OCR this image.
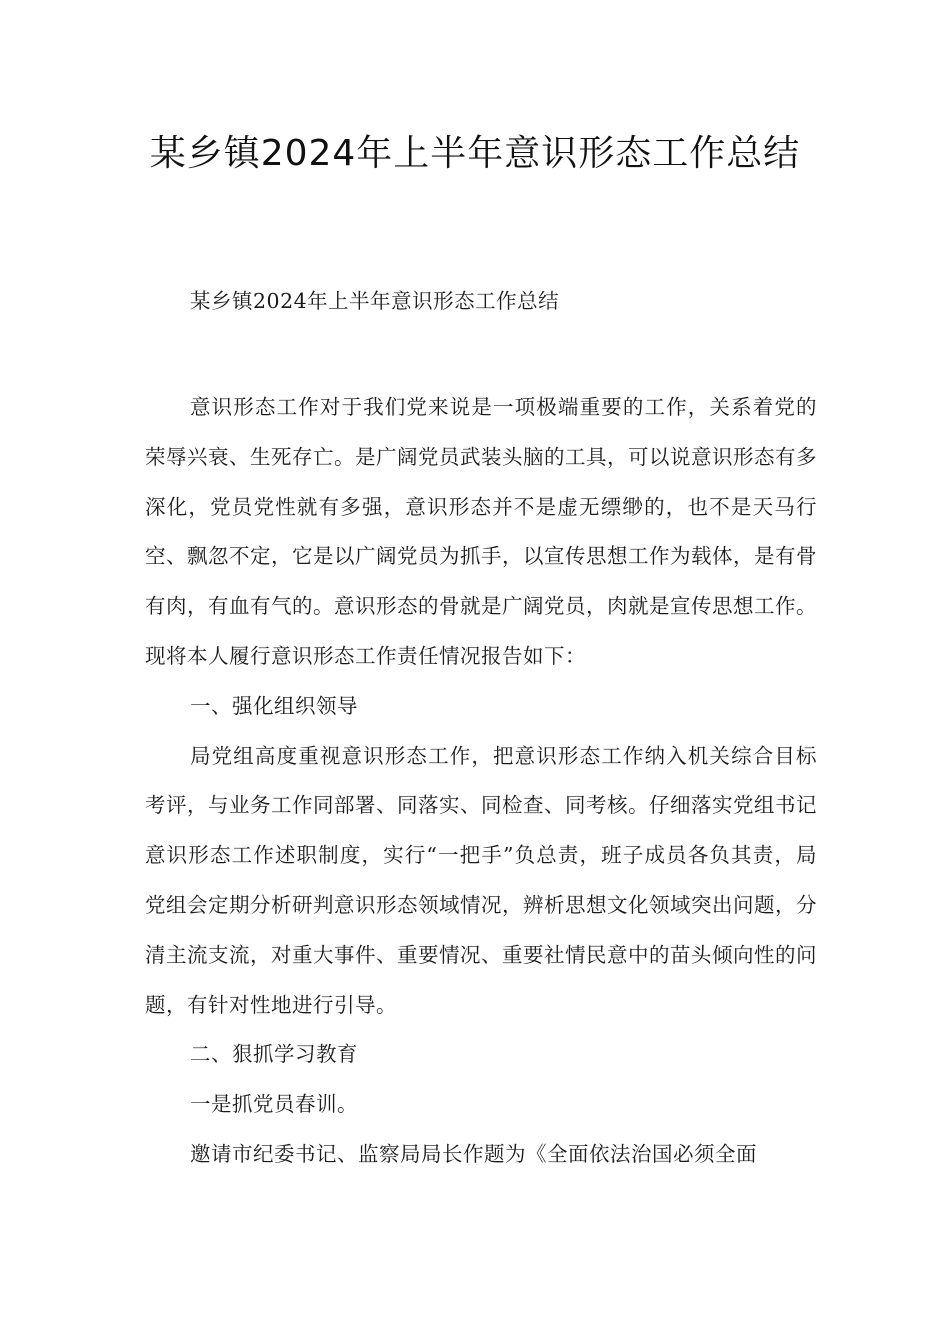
某乡镇2024年上半年意识形态工作总结

某乡镇2024年上半年意识形态工作总结

意识形态工作对于我们党来说是一项极端重要的工作，关系着党的荣辱兴衰、生死存亡。是广阔党员武装头脑的工具，可以说意识形态有多深化，党员党性就有多强，意识形态并不是虚无缥缈的，也不是天马行空、飘忽不定，它是以广阔党员为抓手，以宣传思想工作为载体，是有骨有肉，有血有气的。意识形态的骨就是广阔党员，肉就是宣传思想工作。现将本人履行意识形态工作责任情况报告如下：

一、强化组织领导

局党组高度重视意识形态工作，把意识形态工作纳入机关综合目标考评，与业务工作同部署、同落实、同检查、同考核。仔细落实党组书记意识形态工作述职制度，实行“一把手”负总责，班子成员各负其责，局党组会定期分析研判意识形态领域情况，辨析思想文化领域突出问题，分清主流支流，对重大事件、重要情况、重要社情民意中的苗头倾向性的问题，有针对性地进行引导。

二、狠抓学习教育

一是抓党员春训。

邀请市纪委书记、监察局局长作题为《全面依法治国必须全面
